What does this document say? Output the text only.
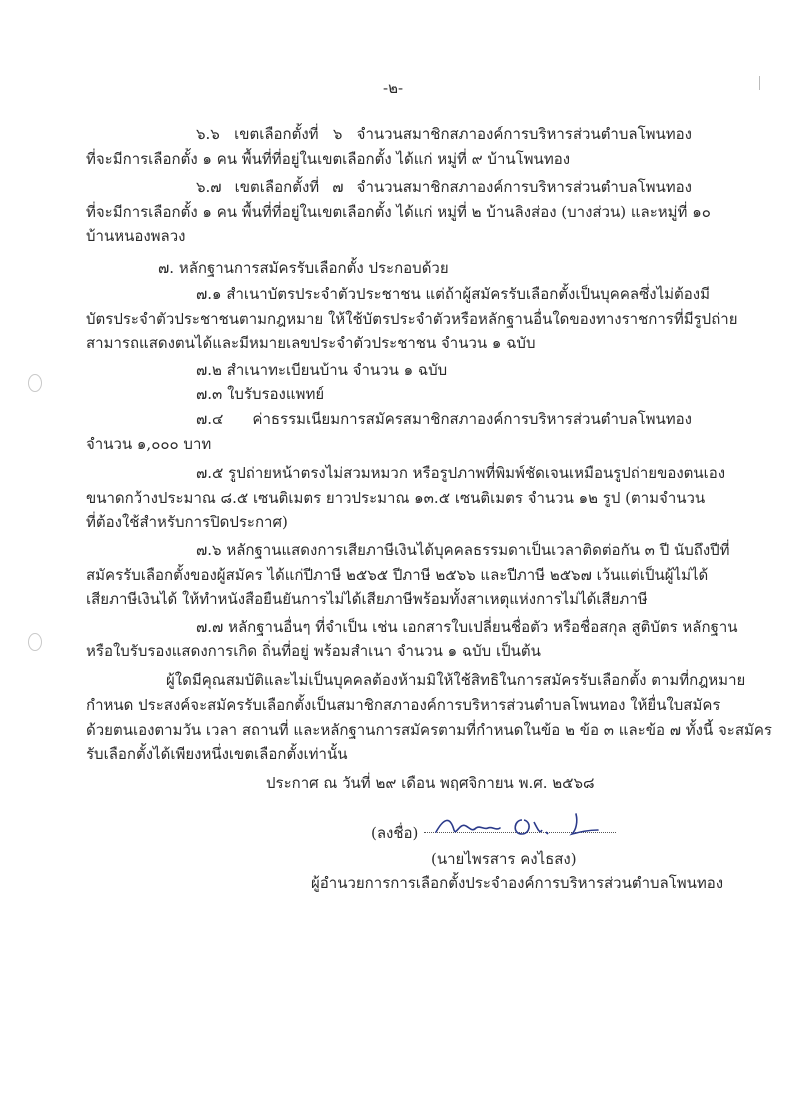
-๒-
๖.๖ เขตเลือกตั้งที่ ๖ จำนวนสมาชิกสภาองค์การบริหารส่วนตำบลโพนทอง
ที่จะมีการเลือกตั้ง ๑ คน พื้นที่ที่อยู่ในเขตเลือกตั้ง ได้แก่ หมู่ที่ ๙ บ้านโพนทอง
๖.๗ เขตเลือกตั้งที่ ๗ จำนวนสมาชิกสภาองค์การบริหารส่วนตำบลโพนทอง
ที่จะมีการเลือกตั้ง ๑ คน พื้นที่ที่อยู่ในเขตเลือกตั้ง ได้แก่ หมู่ที่ ๒ บ้านลิงส่อง (บางส่วน) และหมู่ที่ ๑๐
บ้านหนองพลวง
๗. หลักฐานการสมัครรับเลือกตั้ง ประกอบด้วย
๗.๑ สำเนาบัตรประจำตัวประชาชน แต่ถ้าผู้สมัครรับเลือกตั้งเป็นบุคคลซึ่งไม่ต้องมี
บัตรประจำตัวประชาชนตามกฎหมาย ให้ใช้บัตรประจำตัวหรือหลักฐานอื่นใดของทางราชการที่มีรูปถ่าย
สามารถแสดงตนได้และมีหมายเลขประจำตัวประชาชน จำนวน ๑ ฉบับ
๗.๒ สำเนาทะเบียนบ้าน จำนวน ๑ ฉบับ
๗.๓ ใบรับรองแพทย์
๗.๔ ค่าธรรมเนียมการสมัครสมาชิกสภาองค์การบริหารส่วนตำบลโพนทอง
จำนวน ๑,๐๐๐ บาท
๗.๕ รูปถ่ายหน้าตรงไม่สวมหมวก หรือรูปภาพที่พิมพ์ชัดเจนเหมือนรูปถ่ายของตนเอง
ขนาดกว้างประมาณ ๘.๕ เซนติเมตร ยาวประมาณ ๑๓.๕ เซนติเมตร จำนวน ๑๒ รูป (ตามจำนวน
ที่ต้องใช้สำหรับการปิดประกาศ)
๗.๖ หลักฐานแสดงการเสียภาษีเงินได้บุคคลธรรมดาเป็นเวลาติดต่อกัน ๓ ปี นับถึงปีที่
สมัครรับเลือกตั้งของผู้สมัคร ได้แก่ปีภาษี ๒๕๖๕ ปีภาษี ๒๕๖๖ และปีภาษี ๒๕๖๗ เว้นแต่เป็นผู้ไม่ได้
เสียภาษีเงินได้ ให้ทำหนังสือยืนยันการไม่ได้เสียภาษีพร้อมทั้งสาเหตุแห่งการไม่ได้เสียภาษี
๗.๗ หลักฐานอื่นๆ ที่จำเป็น เช่น เอกสารใบเปลี่ยนชื่อตัว หรือชื่อสกุล สูติบัตร หลักฐาน
หรือใบรับรองแสดงการเกิด ถิ่นที่อยู่ พร้อมสำเนา จำนวน ๑ ฉบับ เป็นต้น
ผู้ใดมีคุณสมบัติและไม่เป็นบุคคลต้องห้ามมิให้ใช้สิทธิในการสมัครรับเลือกตั้ง ตามที่กฎหมาย
กำหนด ประสงค์จะสมัครรับเลือกตั้งเป็นสมาชิกสภาองค์การบริหารส่วนตำบลโพนทอง ให้ยื่นใบสมัคร
ด้วยตนเองตามวัน เวลา สถานที่ และหลักฐานการสมัครตามที่กำหนดในข้อ ๒ ข้อ ๓ และข้อ ๗ ทั้งนี้ จะสมัคร
รับเลือกตั้งได้เพียงหนึ่งเขตเลือกตั้งเท่านั้น
ประกาศ ณ วันที่ ๒๙ เดือน พฤศจิกายน พ.ศ. ๒๕๖๘
(ลงชื่อ)
(นายไพรสาร คงไธสง)
ผู้อำนวยการการเลือกตั้งประจำองค์การบริหารส่วนตำบลโพนทอง
